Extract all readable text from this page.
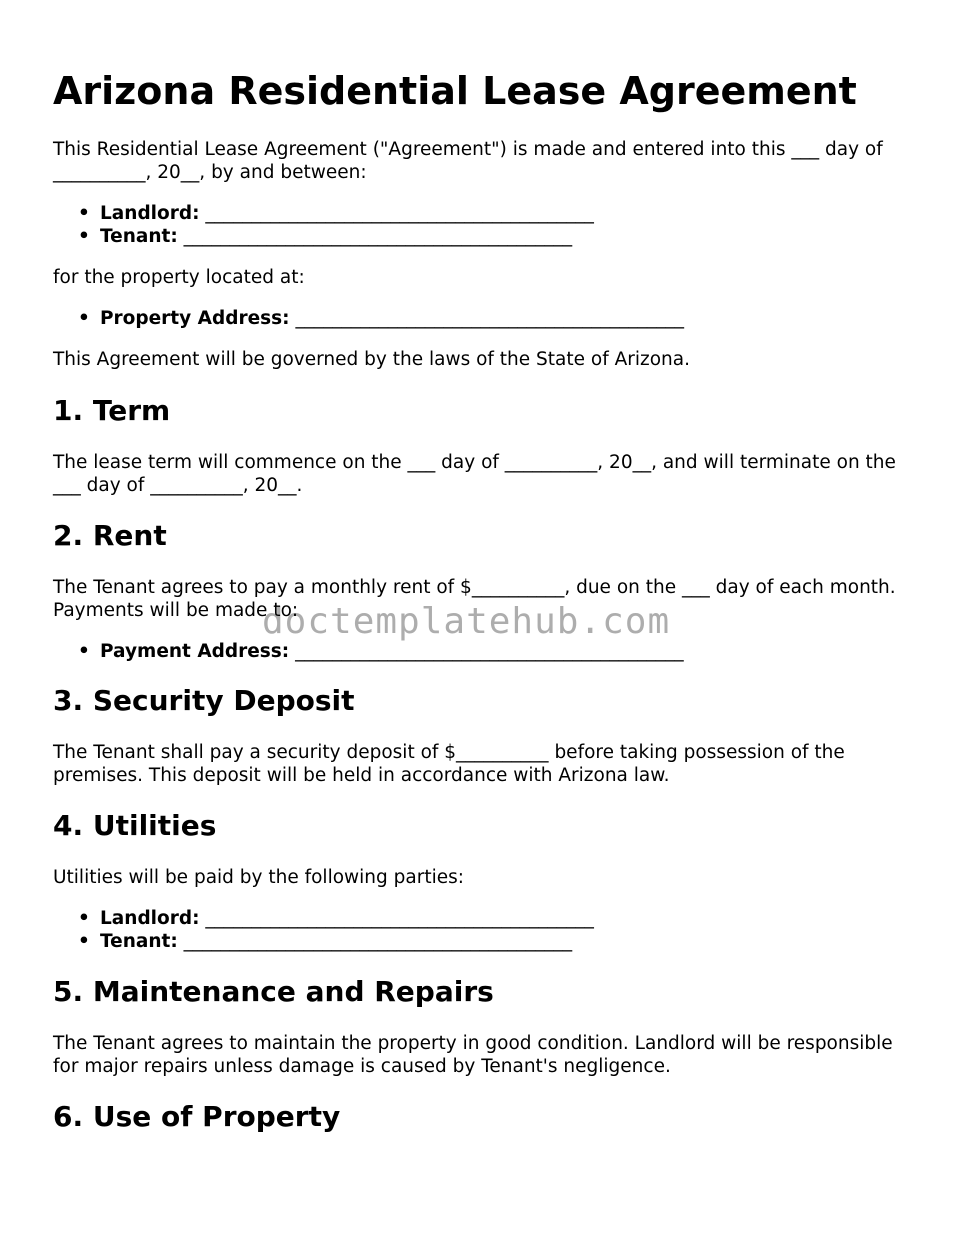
Arizona Residential Lease Agreement

This Residential Lease Agreement ("Agreement") is made and entered into this ___ day of __________, 20__, by and between:

• Landlord: __________________________________________
• Tenant: __________________________________________

for the property located at:

• Property Address: __________________________________________

This Agreement will be governed by the laws of the State of Arizona.

1. Term

The lease term will commence on the ___ day of __________, 20__, and will terminate on the ___ day of __________, 20__.

2. Rent

The Tenant agrees to pay a monthly rent of $__________, due on the ___ day of each month. Payments will be made to:

• Payment Address: __________________________________________
3. Security Deposit

The Tenant shall pay a security deposit of $__________ before taking possession of the premises. This deposit will be held in accordance with Arizona law.

4. Utilities

Utilities will be paid by the following parties:

• Landlord: __________________________________________
• Tenant: __________________________________________
5. Maintenance and Repairs

The Tenant agrees to maintain the property in good condition. Landlord will be responsible for major repairs unless damage is caused by Tenant's negligence.

6. Use of Property
doctemplatehub.com
